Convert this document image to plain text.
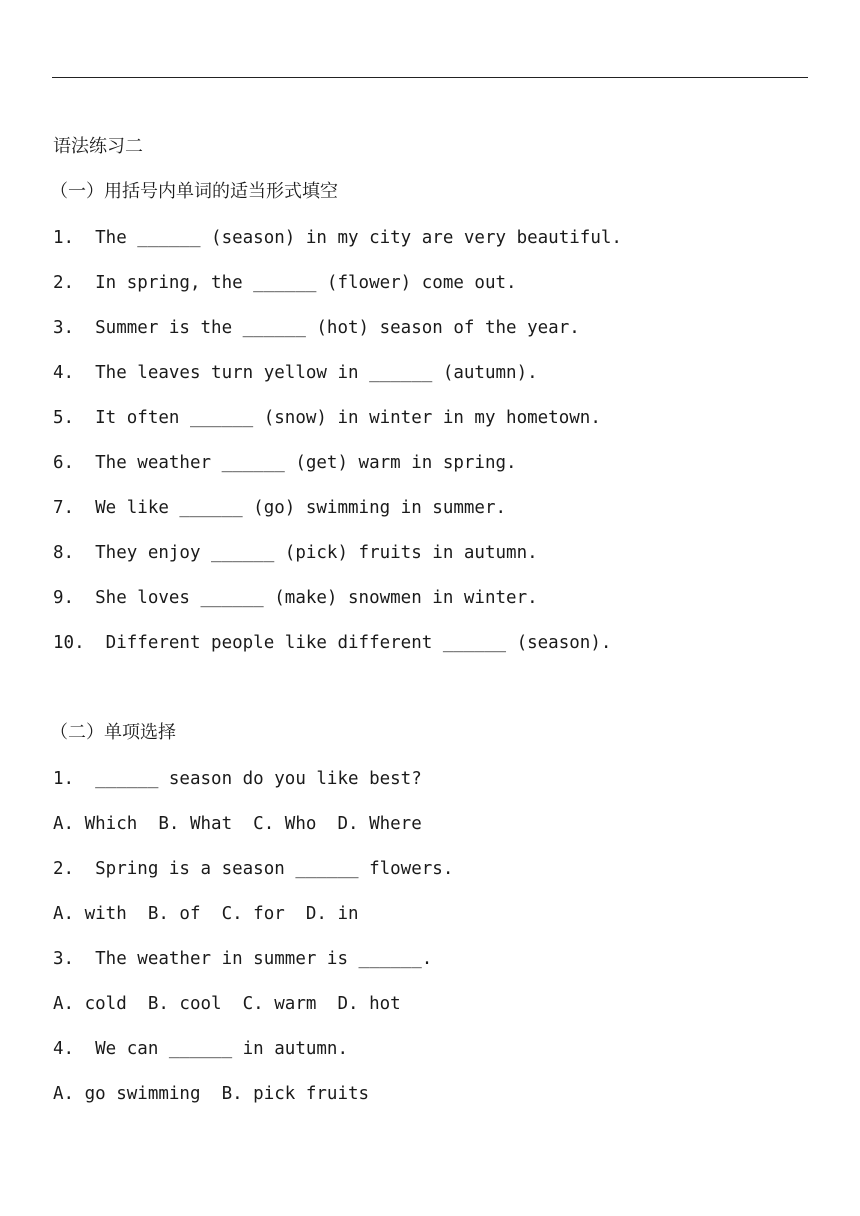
语法练习二
（一）用括号内单词的适当形式填空
1.  The ______ (season) in my city are very beautiful.
2.  In spring, the ______ (flower) come out.
3.  Summer is the ______ (hot) season of the year.
4.  The leaves turn yellow in ______ (autumn).
5.  It often ______ (snow) in winter in my hometown.
6.  The weather ______ (get) warm in spring.
7.  We like ______ (go) swimming in summer.
8.  They enjoy ______ (pick) fruits in autumn.
9.  She loves ______ (make) snowmen in winter.
10.  Different people like different ______ (season).
（二）单项选择
1.  ______ season do you like best?
A. Which  B. What  C. Who  D. Where
2.  Spring is a season ______ flowers.
A. with  B. of  C. for  D. in
3.  The weather in summer is ______.
A. cold  B. cool  C. warm  D. hot
4.  We can ______ in autumn.
A. go swimming  B. pick fruits
